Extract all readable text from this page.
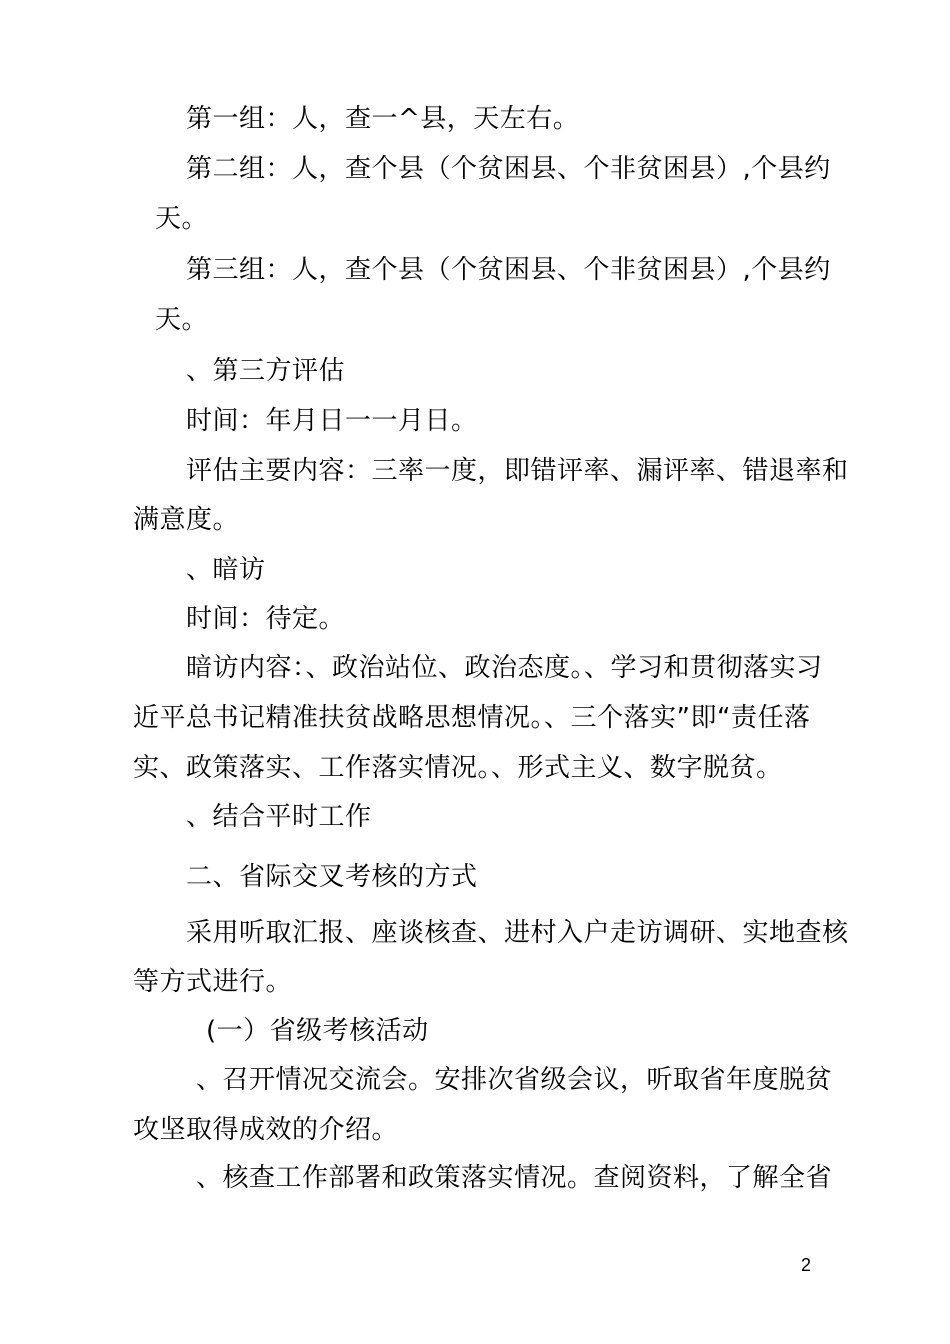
第一组：人，查一^县，天左右。
第二组：人，查个县（个贫困县、个非贫困县）,个县约
天。
第三组：人，查个县（个贫困县、个非贫困县）,个县约
天。
、第三方评估
时间：年月日一一月日。
评估主要内容：三率一度，即错评率、漏评率、错退率和
满意度。
、暗访
时间：待定。
暗访内容：、政治站位、政治态度。、学习和贯彻落实习
近平总书记精准扶贫战略思想情况。、三个落实”即“责任落
实、政策落实、工作落实情况。、形式主义、数字脱贫。
、结合平时工作
二、省际交叉考核的方式
采用听取汇报、座谈核查、进村入户走访调研、实地查核
等方式进行。
(一）省级考核活动
、召开情况交流会。安排次省级会议，听取省年度脱贫
攻坚取得成效的介绍。
、核查工作部署和政策落实情况。查阅资料，了解全省
2
